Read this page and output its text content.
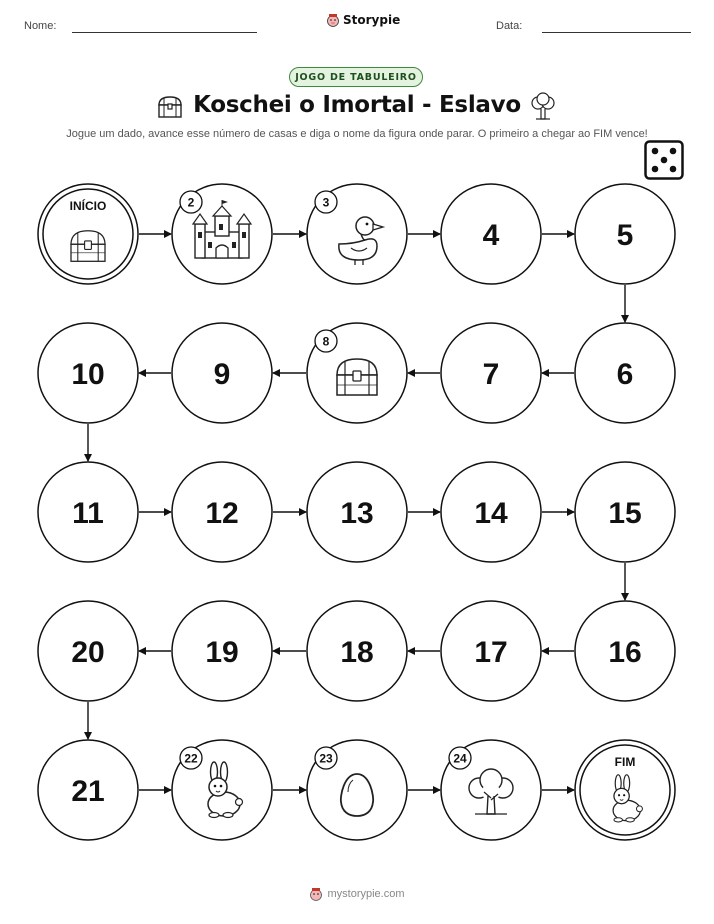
Nome:	Storypie	Data:
JOGO DE TABULEIRO
Koschei o Imortal - Eslavo
Jogue um dado, avance esse número de casas e diga o nome da figura onde parar. O primeiro a chegar ao FIM vence!
INÍCIO	2	3
4	5
6
7
8
9
10
11	12	13	14	15
16
17
18
19
20
21
22	23	24	FIM
mystorypie.com
